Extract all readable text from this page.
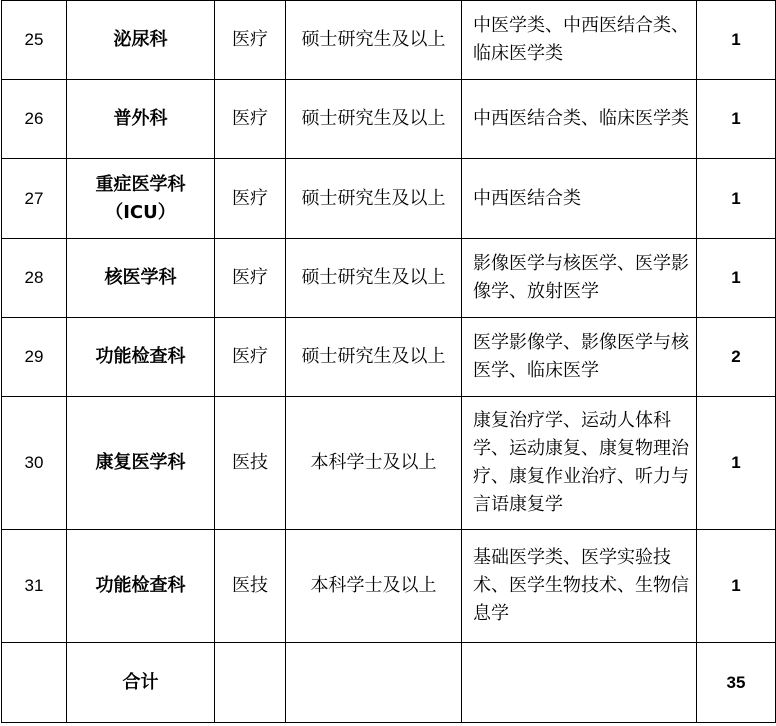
25	泌尿科	医疗	硕士研究生及以上	中医学类、中西医结合类、临床医学类	1
26	普外科	医疗	硕士研究生及以上	中西医结合类、临床医学类	1
27	重症医学科（ICU）	医疗	硕士研究生及以上	中西医结合类	1
28	核医学科	医疗	硕士研究生及以上	影像医学与核医学、医学影像学、放射医学	1
29	功能检查科	医疗	硕士研究生及以上	医学影像学、影像医学与核医学、临床医学	2
30	康复医学科	医技	本科学士及以上	康复治疗学、运动人体科学、运动康复、康复物理治疗、康复作业治疗、听力与言语康复学	1
31	功能检查科	医技	本科学士及以上	基础医学类、医学实验技术、医学生物技术、生物信息学	1
	合计				35
